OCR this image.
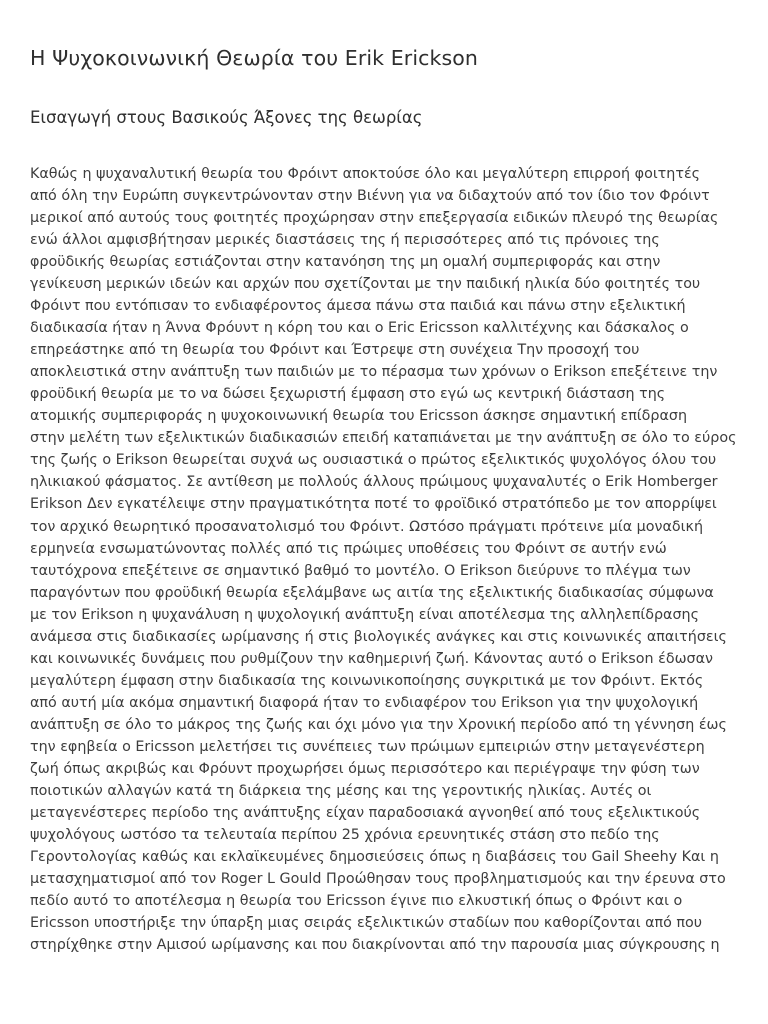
Η Ψυχοκοινωνική Θεωρία του Erik Erickson
Εισαγωγή στους Βασικούς Άξονες της θεωρίας
Καθώς η ψυχαναλυτική θεωρία του Φρόιντ αποκτούσε όλο και μεγαλύτερη επιρροή φοιτητές
από όλη την Ευρώπη συγκεντρώνονταν στην Βιέννη για να διδαχτούν από τον ίδιο τον Φρόιντ
μερικοί από αυτούς τους φοιτητές προχώρησαν στην επεξεργασία ειδικών πλευρό της θεωρίας
ενώ άλλοι αμφισβήτησαν μερικές διαστάσεις της ή περισσότερες από τις πρόνοιες της
φροϋδικής θεωρίας εστιάζονται στην κατανόηση της μη ομαλή συμπεριφοράς και στην
γενίκευση μερικών ιδεών και αρχών που σχετίζονται με την παιδική ηλικία δύο φοιτητές του
Φρόιντ που εντόπισαν το ενδιαφέροντος άμεσα πάνω στα παιδιά και πάνω στην εξελικτική
διαδικασία ήταν η Άννα Φρόυντ η κόρη του και ο Eric Ericsson καλλιτέχνης και δάσκαλος ο
επηρεάστηκε από τη θεωρία του Φρόιντ και Έστρεψε στη συνέχεια Την προσοχή του
αποκλειστικά στην ανάπτυξη των παιδιών με το πέρασμα των χρόνων ο Erikson επεξέτεινε την
φροϋδική θεωρία με το να δώσει ξεχωριστή έμφαση στο εγώ ως κεντρική διάσταση της
ατομικής συμπεριφοράς η ψυχοκοινωνική θεωρία του Ericsson άσκησε σημαντική επίδραση
στην μελέτη των εξελικτικών διαδικασιών επειδή καταπιάνεται με την ανάπτυξη σε όλο το εύρος
της ζωής ο Erikson θεωρείται συχνά ως ουσιαστικά ο πρώτος εξελικτικός ψυχολόγος όλου του
ηλικιακού φάσματος. Σε αντίθεση με πολλούς άλλους πρώιμους ψυχαναλυτές ο Erik Homberger
Erikson Δεν εγκατέλειψε στην πραγματικότητα ποτέ το φροϊδικό στρατόπεδο με τον απορρίψει
τον αρχικό θεωρητικό προσανατολισμό του Φρόιντ. Ωστόσο πράγματι πρότεινε μία μοναδική
ερμηνεία ενσωματώνοντας πολλές από τις πρώιμες υποθέσεις του Φρόιντ σε αυτήν ενώ
ταυτόχρονα επεξέτεινε σε σημαντικό βαθμό το μοντέλο. Ο Erikson διεύρυνε το πλέγμα των
παραγόντων που φροϋδική θεωρία εξελάμβανε ως αιτία της εξελικτικής διαδικασίας σύμφωνα
με τον Erikson η ψυχανάλυση η ψυχολογική ανάπτυξη είναι αποτέλεσμα της αλληλεπίδρασης
ανάμεσα στις διαδικασίες ωρίμανσης ή στις βιολογικές ανάγκες και στις κοινωνικές απαιτήσεις
και κοινωνικές δυνάμεις που ρυθμίζουν την καθημερινή ζωή. Κάνοντας αυτό ο Erikson έδωσαν
μεγαλύτερη έμφαση στην διαδικασία της κοινωνικοποίησης συγκριτικά με τον Φρόιντ. Εκτός
από αυτή μία ακόμα σημαντική διαφορά ήταν το ενδιαφέρον του Erikson για την ψυχολογική
ανάπτυξη σε όλο το μάκρος της ζωής και όχι μόνο για την Χρονική περίοδο από τη γέννηση έως
την εφηβεία ο Ericsson μελετήσει τις συνέπειες των πρώιμων εμπειριών στην μεταγενέστερη
ζωή όπως ακριβώς και Φρόυντ προχωρήσει όμως περισσότερο και περιέγραψε την φύση των
ποιοτικών αλλαγών κατά τη διάρκεια της μέσης και της γεροντικής ηλικίας. Αυτές οι
μεταγενέστερες περίοδο της ανάπτυξης είχαν παραδοσιακά αγνοηθεί από τους εξελικτικούς
ψυχολόγους ωστόσο τα τελευταία περίπου 25 χρόνια ερευνητικές στάση στο πεδίο της
Γεροντολογίας καθώς και εκλαϊκευμένες δημοσιεύσεις όπως η διαβάσεις του Gail Sheehy Και η
μετασχηματισμοί από τον Roger L Gould Προώθησαν τους προβληματισμούς και την έρευνα στο
πεδίο αυτό το αποτέλεσμα η θεωρία του Ericsson έγινε πιο ελκυστική όπως ο Φρόιντ και ο
Ericsson υποστήριξε την ύπαρξη μιας σειράς εξελικτικών σταδίων που καθορίζονται από που
στηρίχθηκε στην Αμισού ωρίμανσης και που διακρίνονται από την παρουσία μιας σύγκρουσης η
